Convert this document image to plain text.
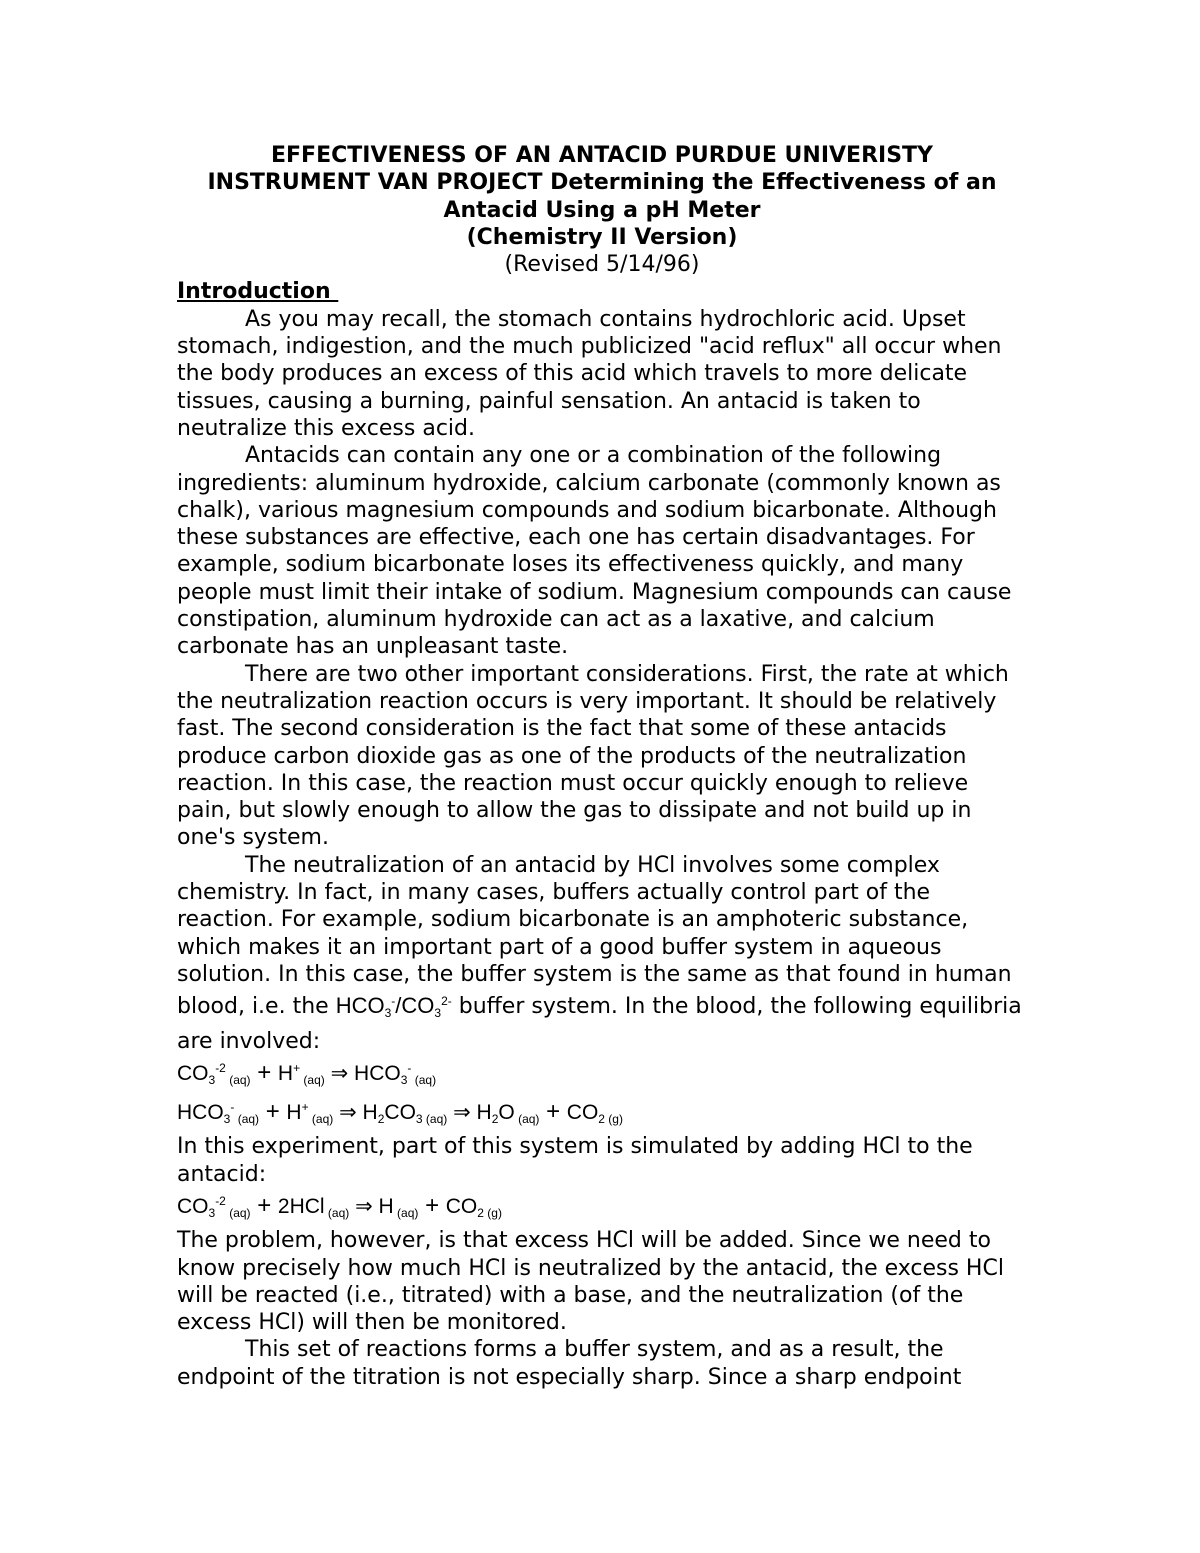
EFFECTIVENESS OF AN ANTACID PURDUE UNIVERISTY
INSTRUMENT VAN PROJECT Determining the Effectiveness of an
Antacid Using a pH Meter
(Chemistry II Version)
(Revised 5/14/96)
Introduction

As you may recall, the stomach contains hydrochloric acid. Upset stomach, indigestion, and the much publicized "acid reflux" all occur when the body produces an excess of this acid which travels to more delicate tissues, causing a burning, painful sensation. An antacid is taken to neutralize this excess acid.

Antacids can contain any one or a combination of the following ingredients: aluminum hydroxide, calcium carbonate (commonly known as chalk), various magnesium compounds and sodium bicarbonate. Although these substances are effective, each one has certain disadvantages. For example, sodium bicarbonate loses its effectiveness quickly, and many people must limit their intake of sodium. Magnesium compounds can cause constipation, aluminum hydroxide can act as a laxative, and calcium carbonate has an unpleasant taste.

There are two other important considerations. First, the rate at which the neutralization reaction occurs is very important. It should be relatively fast. The second consideration is the fact that some of these antacids produce carbon dioxide gas as one of the products of the neutralization reaction. In this case, the reaction must occur quickly enough to relieve pain, but slowly enough to allow the gas to dissipate and not build up in one's system.

The neutralization of an antacid by HCl involves some complex chemistry. In fact, in many cases, buffers actually control part of the reaction. For example, sodium bicarbonate is an amphoteric substance, which makes it an important part of a good buffer system in aqueous solution. In this case, the buffer system is the same as that found in human blood, i.e. the $HCO_3^-/CO_3^{2-}$ buffer system. In the blood, the following equilibria are involved:

$CO_3^{-2}$ $_{(aq)}$ + H+ $_{(aq)}$ ⇒ $HCO_3^-$ $_{(aq)}$

$HCO_3^-$ $_{(aq)}$ + H+ $_{(aq)}$ ⇒ $H_2CO_{3 (aq)}$ ⇒ $H_2O$ $_{(aq)} + CO_{2 (g)}$

In this experiment, part of this system is simulated by adding HCl to the antacid:

$CO_3^{-2}$ $_{(aq)}$ + 2HCl $_{(aq)}$ ⇒ H $_{(aq)} + CO_{2 (g)}$

The problem, however, is that excess HCl will be added. Since we need to know precisely how much HCl is neutralized by the antacid, the excess HCl will be reacted (i.e., titrated) with a base, and the neutralization (of the excess HCl) will then be monitored.

This set of reactions forms a buffer system, and as a result, the endpoint of the titration is not especially sharp. Since a sharp endpoint
